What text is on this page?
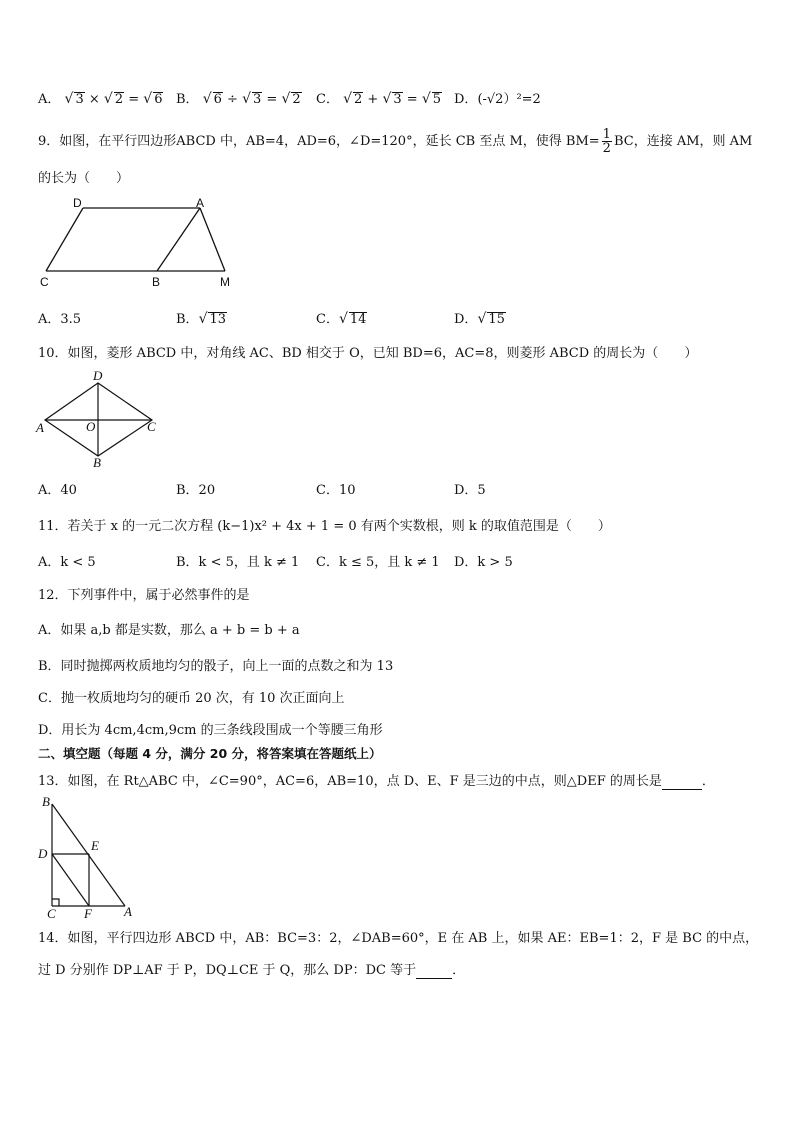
A． √ 3 × √ 2 = √ 6 B． √ 6 ÷ √ 3 = √ 2 C． √ 2 + √ 3 = √ 5 D．(-√2）²=2
9．如图，在平行四边形ABCD 中，AB=4，AD=6，∠D=120°，延长 CB 至点 M，使得 $BM= \frac{1}{2}$ BC，连接 AM，则 AM
的长为（　　）
D	A
C	B	M
A．3.5	B．√ 13	C．√ 14	D．√ 15
10．如图，菱形 ABCD 中，对角线 AC、BD 相交于 O，已知 BD=6，AC=8，则菱形 ABCD 的周长为（　　）
D
A	O	C
B
A．40	B．20	C．10	D．5
11．若关于 x 的一元二次方程 (k−1)x² + 4x + 1 = 0 有两个实数根，则 k 的取值范围是（　　）
A．k < 5	B．k < 5，且 k ≠ 1 C．k ≤ 5，且 k ≠ 1 D．k > 5
12．下列事件中，属于必然事件的是
A．如果 a,b 都是实数，那么 a + b = b + a
B．同时抛掷两枚质地均匀的骰子，向上一面的点数之和为 13
C．抛一枚质地均匀的硬币 20 次，有 10 次正面向上
D．用长为 4cm,4cm,9cm 的三条线段围成一个等腰三角形
二、填空题（每题 4 分，满分 20 分，将答案填在答题纸上）
13．如图，在 Rt△ABC 中，∠C=90°，AC=6，AB=10，点 D、E、F 是三边的中点，则△DEF 的周长是	．
B
D
E
C F A
14．如图，平行四边形 ABCD 中，AB：BC=3：2，∠DAB=60°，E 在 AB 上，如果 AE：EB=1：2，F 是 BC 的中点，
过 D 分别作 DP⊥AF 于 P，DQ⊥CE 于 Q，那么 DP：DC 等于	．
